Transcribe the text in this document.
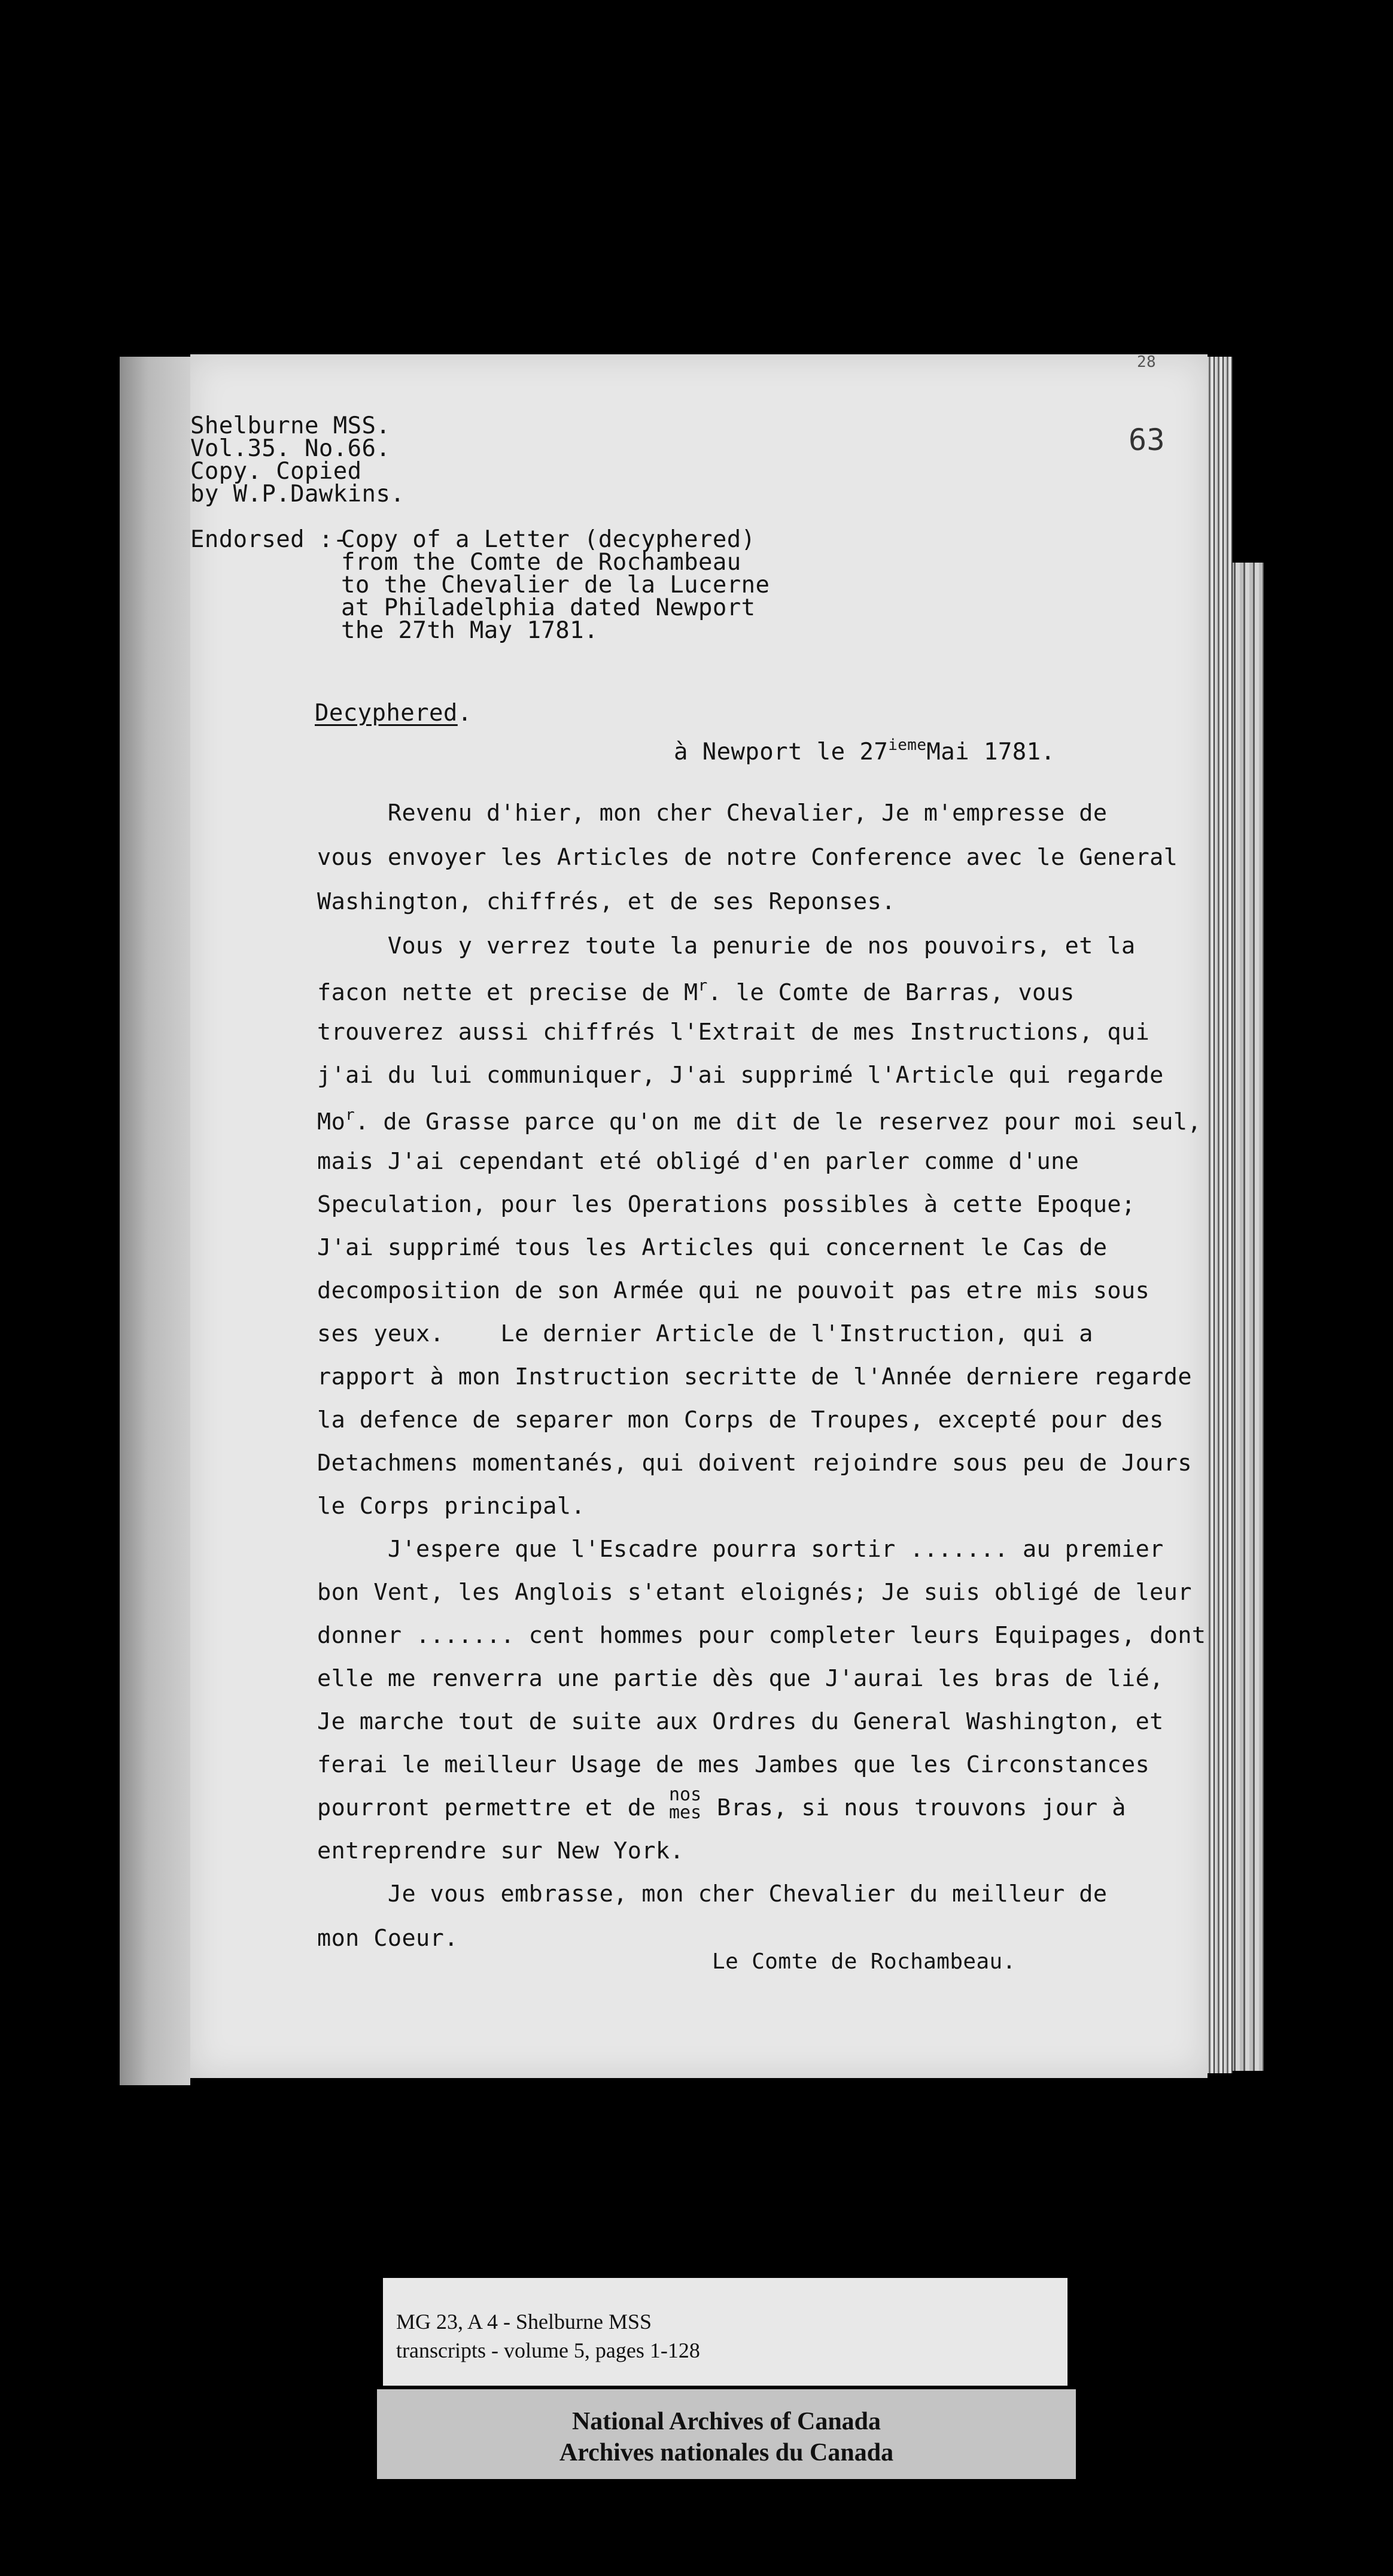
Shelburne MSS.
Vol.35. No.66.
Copy. Copied
by W.P.Dawkins.
63
28
Endorsed :-
Copy of a Letter (decyphered)
from the Comte de Rochambeau
to the Chevalier de la Lucerne
at Philadelphia dated Newport
the 27th May 1781.
Decyphered.
à Newport le 27iemeMai 1781.
Revenu d'hier, mon cher Chevalier, Je m'empresse de
vous envoyer les Articles de notre Conference avec le General
Washington, chiffrés, et de ses Reponses.
Vous y verrez toute la penurie de nos pouvoirs, et la
facon nette et precise de $M^r$. le Comte de Barras, vous
trouverez aussi chiffrés l'Extrait de mes Instructions, qui
j'ai du lui communiquer, J'ai supprimé l'Article qui regarde
Mo$^r$. de Grasse parce qu'on me dit de le reservez pour moi seul,
mais J'ai cependant eté obligé d'en parler comme d'une
Speculation, pour les Operations possibles à cette Epoque;
J'ai supprimé tous les Articles qui concernent le Cas de
decomposition de son Armée qui ne pouvoit pas etre mis sous
ses yeux.    Le dernier Article de l'Instruction, qui a
rapport à mon Instruction secritte de l'Année derniere regarde
la defence de separer mon Corps de Troupes, excepté pour des
Detachmens momentanés, qui doivent rejoindre sous peu de Jours
le Corps principal.
J'espere que l'Escadre pourra sortir ....... au premier
bon Vent, les Anglois s'etant eloignés; Je suis obligé de leur
donner ....... cent hommes pour completer leurs Equipages, dont
elle me renverra une partie dès que J'aurai les bras de lié,
Je marche tout de suite aux Ordres du General Washington, et
ferai le meilleur Usage de mes Jambes que les Circonstances
pourront permettre et de nos
mes Bras, si nous trouvons jour à
entreprendre sur New York.
Je vous embrasse, mon cher Chevalier du meilleur de
mon Coeur.
Le Comte de Rochambeau.
MG 23, A 4 - Shelburne MSS
transcripts - volume 5, pages 1-128
National Archives of Canada
Archives nationales du Canada
